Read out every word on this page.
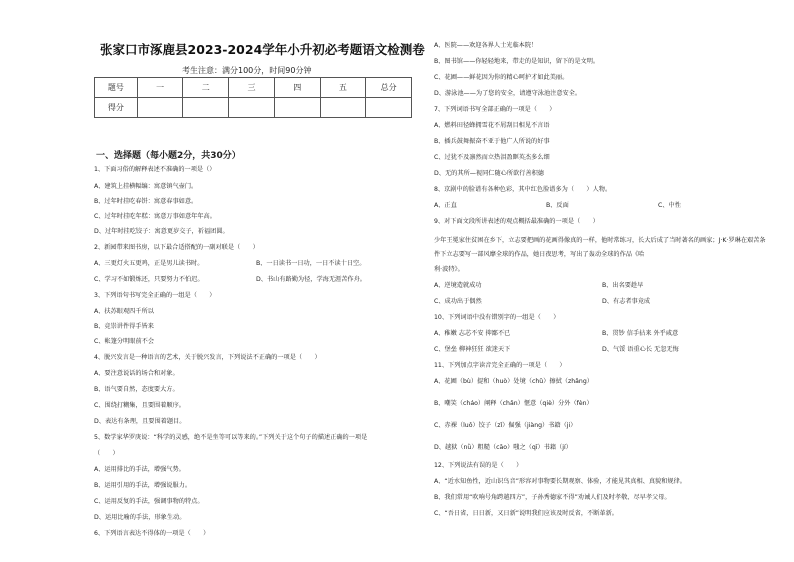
张家口市涿鹿县2023-2024学年小升初必考题语文检测卷
考生注意：满分100分，时间90分钟
题号	一	二	三	四	五	总分
得分						
一、选择题（每小题2分，共30分）
1、下面习俗的解释表述不准确的一项是（）
A、建筑上挂横幅编：寓意镇气壶门。
B、过年时挂吃春饼：寓意春事如意。
C、过年时挂吃年糕：寓意万事如意年年高。
D、过年时挂吃饺子：寓意更岁交子，祈福团圆。
2、新园带来图书房，以下最合适搭配的一副对联是（　　）
A、三更灯火五更鸡，正是男儿读书时。	B、一日读书一日功，一日不读十日空。
C、学习不如锻炼还，只要努力不怕迟。	D、书山有路勤为径，学海无涯苦作舟。
3、下列语句书写完全正确的一组是（　　）
A、扶苏眼观四千所以
B、竞崇讲件得手皆来
C、帐篷分明眼前不会
4、脱兴发言是一种语言的艺术，关于脱兴发言，下列说法不正确的一项是（　　）
A、要注意说话的场合和对象。
B、语气要自然，态度要大方。
C、围绕打糊集，且要围着顺序。
D、表达有条理，且要围着题目。
5、数学家华罗庚说：“科学的灵感，绝不是坐等可以等来的。”下列关于这个句子的描述正确的一项是
（　　）
A、运用排比的手法，增强气势。
B、运用引用的手法，增强说服力。
C、运用反复的手法，强调事物的特点。
D、运用比喻的手法，形象生动。
6、下列语言表达不得体的一项是（　　）
A、医院——欢迎各界人士光临本院！
B、图书馆——你轻轻地来，带走的是知识，留下的是文明。
C、花圃——鲜花因为你的精心呵护才如此美丽。
D、游泳池——为了您的安全，请遵守泳池注意安全。
7、下列词语书写全部正确的一项是（　　）
A、燃料田径蜂拥雪花不屑刮目相见不言语
B、插兵鼓舞振奋不亚于他广人所说的好事
C、过犹不及凛然而立热泪盈眶英杰多么细
D、无的其所—视同仁随心所欲行善积德
8、京剧中的脸谱有各种色彩，其中红色脸谱多为（　　）人物。
A、正直	B、反面	C、中性
9、对下面文段所讲表述的观点概括最准确的一项是（　　）
少年王冕家住贫困在乡下，立志要把画的花画得像真的一样，他时常练习，长大后成了当时著名的画家；J·K·罗琳在艰苦条件下立志要写一部风靡全球的作品，她日夜思考，写出了轰动全球的作品《哈
利·波特》。
A、逆境造就成功	B、出名要趁早
C、成功出于偶然	D、有志者事竟成
10、下列词语中没有错别字的一组是（　　）
A、稚嫩 志芯不安 抑鄙不已	B、贯钞 信手拈来 外乎咸意
C、堡垒 柳神狂狂 欲迷天下	D、气馁 语重心长 无忽无悔
11、下列加点字读音完全正确的一项是（　　）
A、花圃（bù）提和（huò）处境（chǔ）擦拭（zhǎng）
B、嘲笑（cháo）阐释（chǎn）惬意（qiè）分外（fèn）
C、赤裸（luǒ）饺子（zǐ）倔强（jiàng）书籍（ji）
D、越狱（nǜ）粗糙（cāo）嗤之（qī）书籍（jí）
12、下列说法有误的是（　　）
A、“近水知鱼性，近山识鸟音”形容对事物要长期观察、体验，才能见其真相、真貌和规律。
B、我们常用“吹响号角跨越四方”，子孙秀德家不得”劝诫人们及时孝敬、尽早孝父母。
C、“吾日省，日日新，又日新”说明我们应该及时反省，不断革新。
